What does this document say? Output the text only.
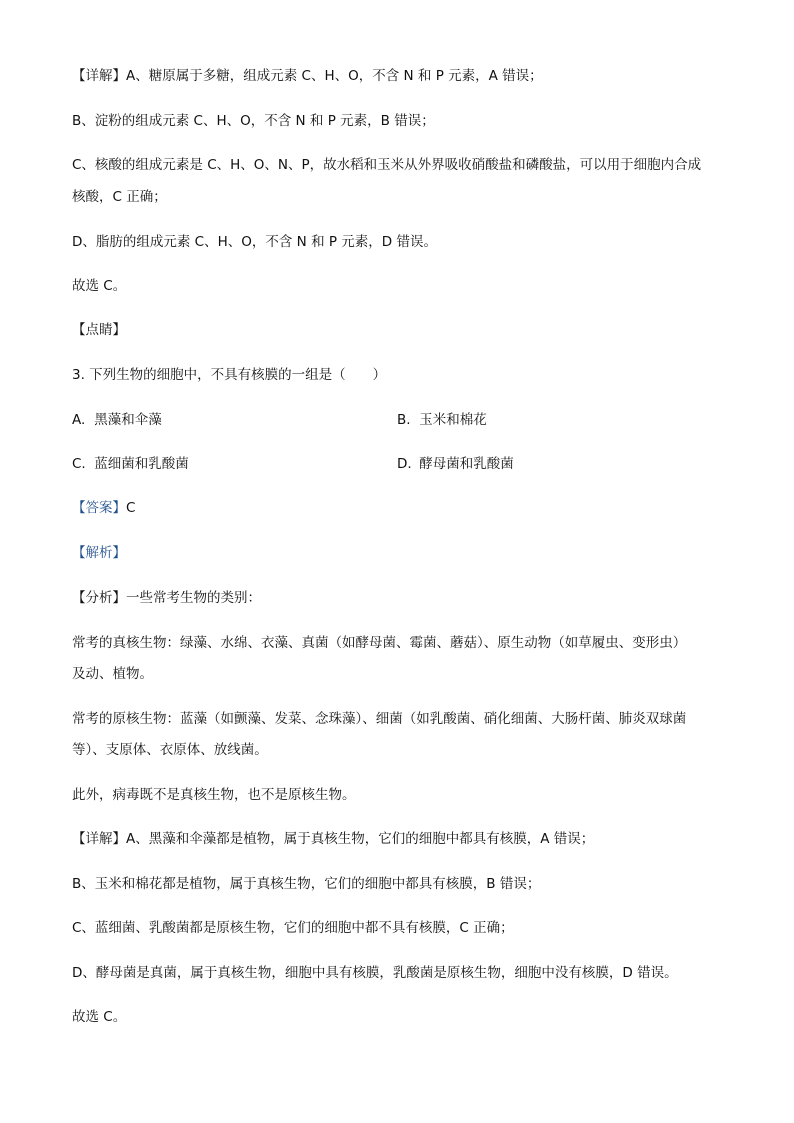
【详解】A、糖原属于多糖，组成元素 C、H、O，不含 N 和 P 元素，A 错误；
B、淀粉的组成元素 C、H、O，不含 N 和 P 元素，B 错误；
C、核酸的组成元素是 C、H、O、N、P，故水稻和玉米从外界吸收硝酸盐和磷酸盐，可以用于细胞内合成
核酸，C 正确；
D、脂肪的组成元素 C、H、O，不含 N 和 P 元素，D 错误。
故选 C。
【点睛】
3. 下列生物的细胞中，不具有核膜的一组是（　　）
A. 黑藻和伞藻	B. 玉米和棉花
C. 蓝细菌和乳酸菌	D. 酵母菌和乳酸菌
【答案】C
【解析】
【分析】一些常考生物的类别：
常考的真核生物：绿藻、水绵、衣藻、真菌（如酵母菌、霉菌、蘑菇）、原生动物（如草履虫、变形虫）
及动、植物。
常考的原核生物：蓝藻（如颤藻、发菜、念珠藻）、细菌（如乳酸菌、硝化细菌、大肠杆菌、肺炎双球菌
等）、支原体、衣原体、放线菌。
此外，病毒既不是真核生物，也不是原核生物。
【详解】A、黑藻和伞藻都是植物，属于真核生物，它们的细胞中都具有核膜，A 错误；
B、玉米和棉花都是植物，属于真核生物，它们的细胞中都具有核膜，B 错误；
C、蓝细菌、乳酸菌都是原核生物，它们的细胞中都不具有核膜，C 正确；
D、酵母菌是真菌，属于真核生物，细胞中具有核膜，乳酸菌是原核生物，细胞中没有核膜，D 错误。
故选 C。
